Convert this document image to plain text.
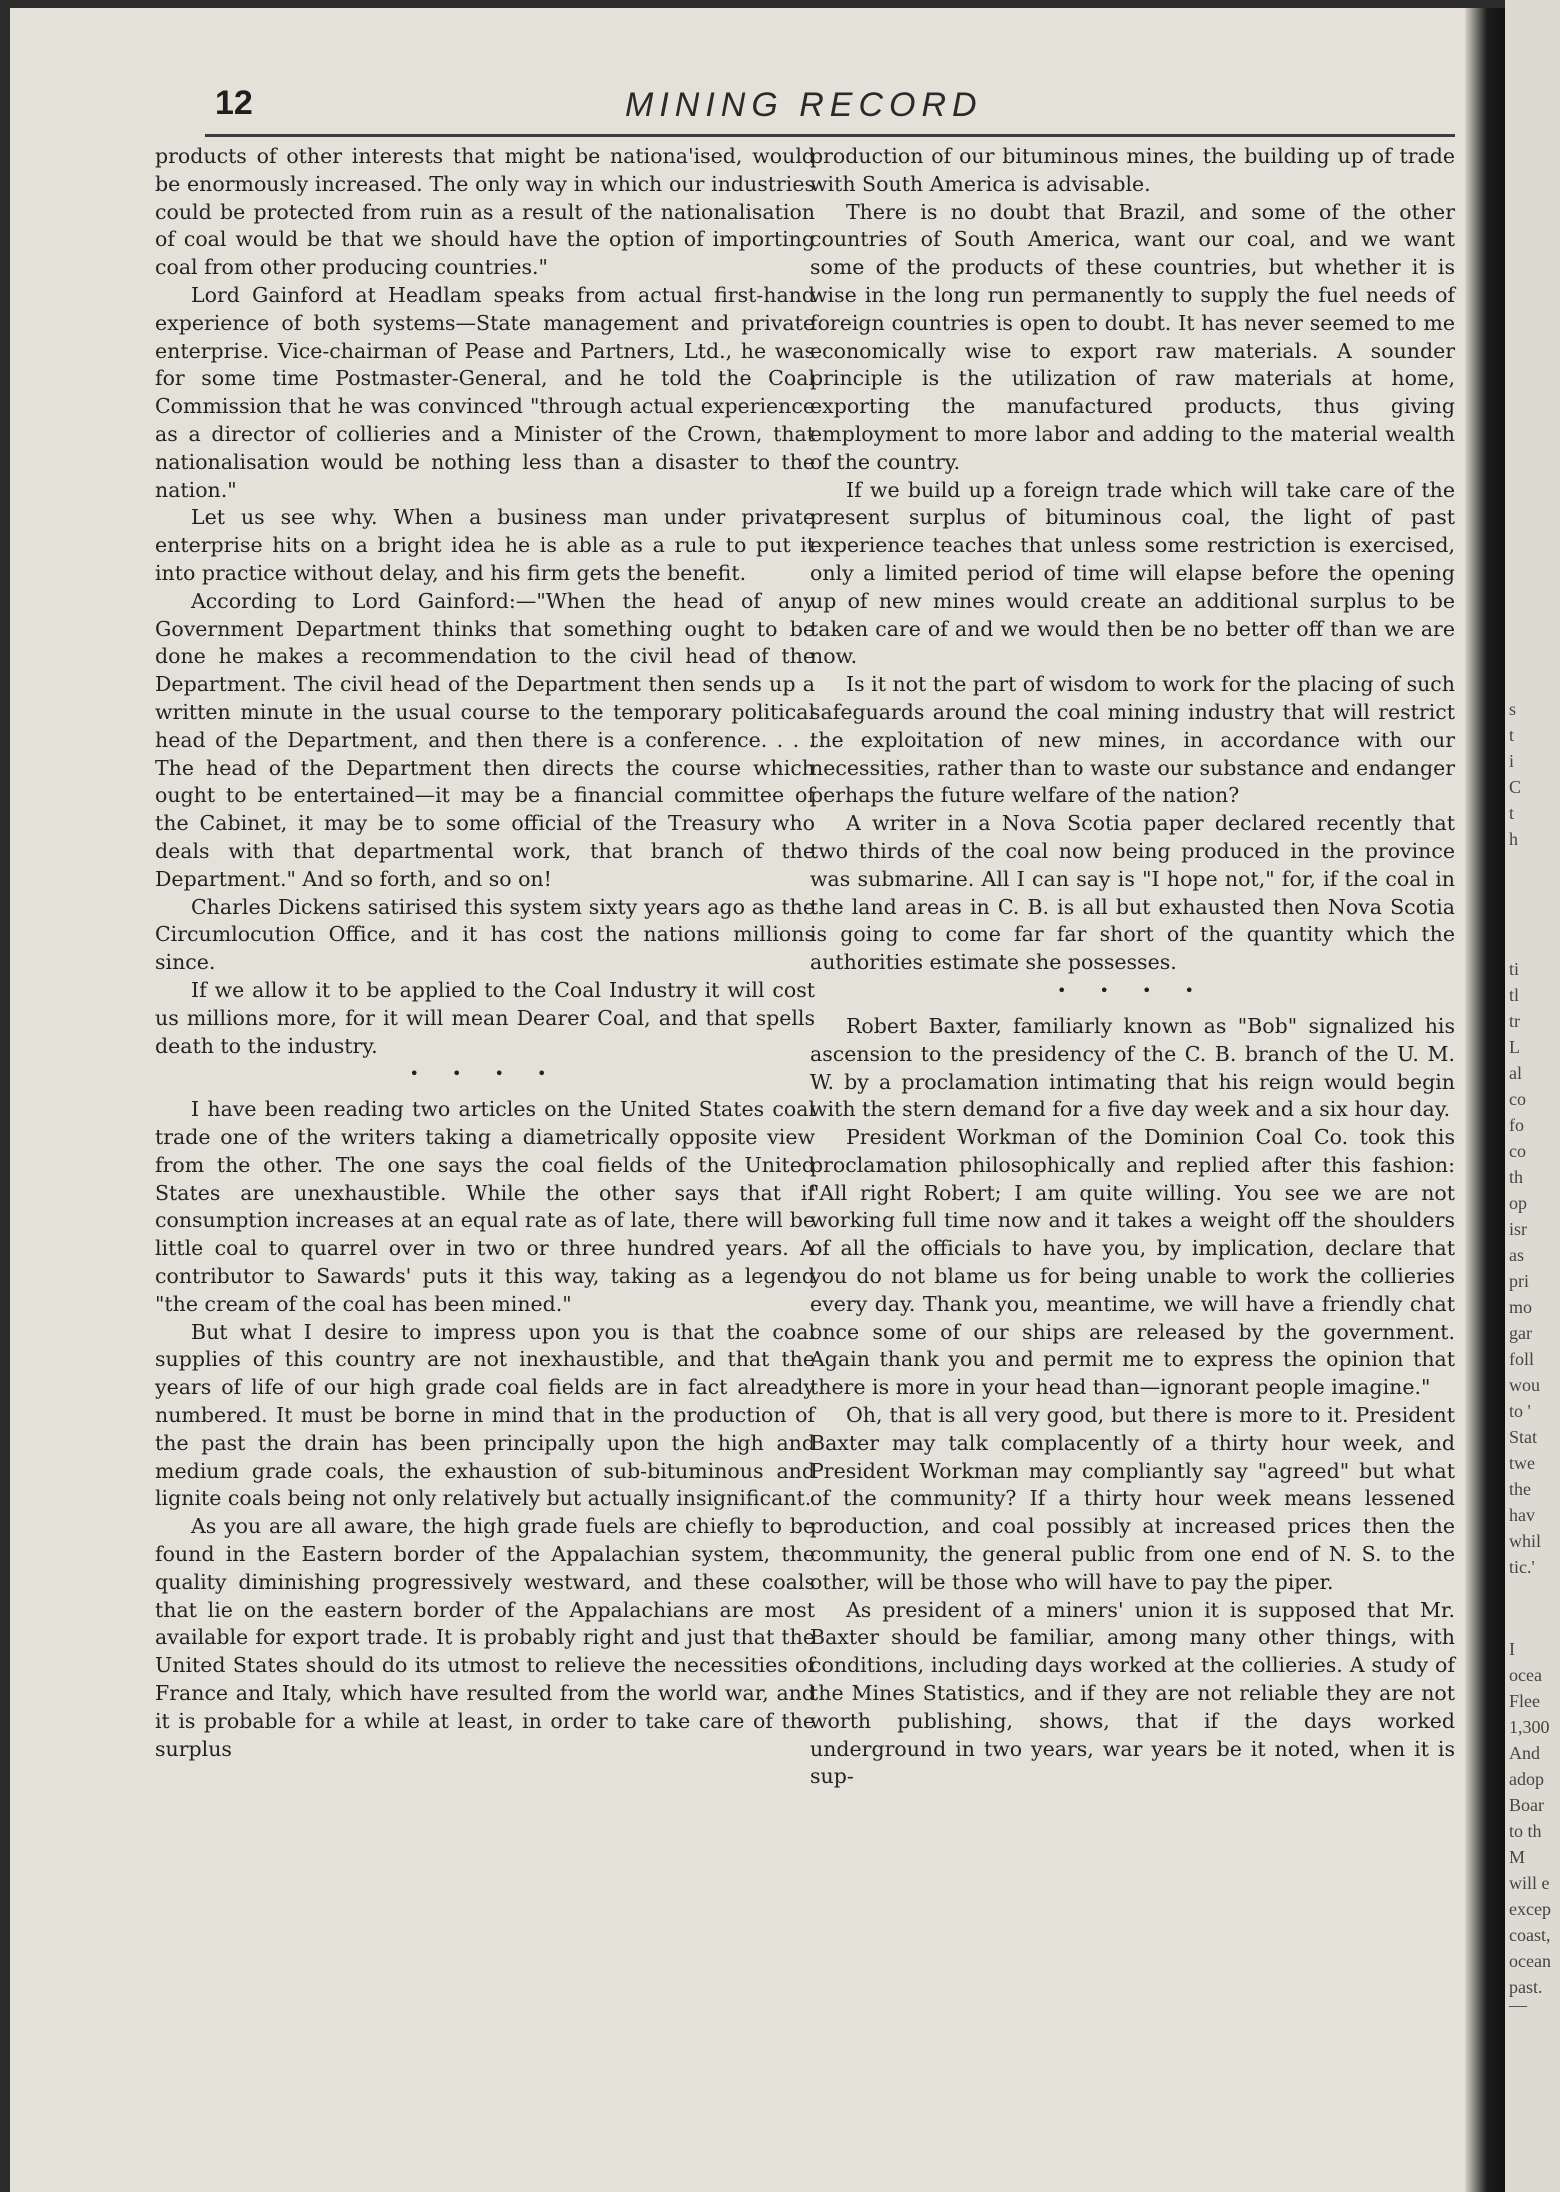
12	MINING RECORD

products of other interests that might be nationa'ised, would be enormously increased. The only way in which our industries could be protected from ruin as a result of the nationalisation of coal would be that we should have the option of importing coal from other producing countries."

Lord Gainford at Headlam speaks from actual first-hand experience of both systems—State management and private enterprise. Vice-chairman of Pease and Partners, Ltd., he was for some time Postmaster-General, and he told the Coal Commission that he was convinced "through actual experience as a director of collieries and a Minister of the Crown, that nationalisation would be nothing less than a disaster to the nation."

Let us see why. When a business man under private enterprise hits on a bright idea he is able as a rule to put it into practice without delay, and his firm gets the benefit.

According to Lord Gainford:—"When the head of any Government Department thinks that something ought to be done he makes a recommendation to the civil head of the Department. The civil head of the Department then sends up a written minute in the usual course to the temporary political head of the Department, and then there is a conference. . . . The head of the Department then directs the course which ought to be entertained—it may be a financial committee of the Cabinet, it may be to some official of the Treasury who deals with that departmental work, that branch of the Department." And so forth, and so on!

Charles Dickens satirised this system sixty years ago as the Circumlocution Office, and it has cost the nations millions since.

If we allow it to be applied to the Coal Industry it will cost us millions more, for it will mean Dearer Coal, and that spells death to the industry.

• • • •

I have been reading two articles on the United States coal trade one of the writers taking a diametrically opposite view from the other. The one says the coal fields of the United States are unexhaustible. While the other says that if consumption increases at an equal rate as of late, there will be little coal to quarrel over in two or three hundred years. A contributor to Sawards' puts it this way, taking as a legend "the cream of the coal has been mined."

But what I desire to impress upon you is that the coal supplies of this country are not inexhaustible, and that the years of life of our high grade coal fields are in fact already numbered. It must be borne in mind that in the production of the past the drain has been principally upon the high and medium grade coals, the exhaustion of sub-bituminous and lignite coals being not only relatively but actually insignificant.

As you are all aware, the high grade fuels are chiefly to be found in the Eastern border of the Appalachian system, the quality diminishing progressively westward, and these coals that lie on the eastern border of the Appalachians are most available for export trade. It is probably right and just that the United States should do its utmost to relieve the necessities of France and Italy, which have resulted from the world war, and it is probable for a while at least, in order to take care of the surplus

production of our bituminous mines, the building up of trade with South America is advisable.

There is no doubt that Brazil, and some of the other countries of South America, want our coal, and we want some of the products of these countries, but whether it is wise in the long run permanently to supply the fuel needs of foreign countries is open to doubt. It has never seemed to me economically wise to export raw materials. A sounder principle is the utilization of raw materials at home, exporting the manufactured products, thus giving employment to more labor and adding to the material wealth of the country.

If we build up a foreign trade which will take care of the present surplus of bituminous coal, the light of past experience teaches that unless some restriction is exercised, only a limited period of time will elapse before the opening up of new mines would create an additional surplus to be taken care of and we would then be no better off than we are now.

Is it not the part of wisdom to work for the placing of such safeguards around the coal mining industry that will restrict the exploitation of new mines, in accordance with our necessities, rather than to waste our substance and endanger perhaps the future welfare of the nation?

A writer in a Nova Scotia paper declared recently that two thirds of the coal now being produced in the province was submarine. All I can say is "I hope not," for, if the coal in the land areas in C. B. is all but exhausted then Nova Scotia is going to come far far short of the quantity which the authorities estimate she possesses.

• • • •

Robert Baxter, familiarly known as "Bob" signalized his ascension to the presidency of the C. B. branch of the U. M. W. by a proclamation intimating that his reign would begin with the stern demand for a five day week and a six hour day.

President Workman of the Dominion Coal Co. took this proclamation philosophically and replied after this fashion: "All right Robert; I am quite willing. You see we are not working full time now and it takes a weight off the shoulders of all the officials to have you, by implication, declare that you do not blame us for being unable to work the collieries every day. Thank you, meantime, we will have a friendly chat once some of our ships are released by the government. Again thank you and permit me to express the opinion that there is more in your head than—ignorant people imagine."

Oh, that is all very good, but there is more to it. President Baxter may talk complacently of a thirty hour week, and President Workman may compliantly say "agreed" but what of the community? If a thirty hour week means lessened production, and coal possibly at increased prices then the community, the general public from one end of N. S. to the other, will be those who will have to pay the piper.

As president of a miners' union it is supposed that Mr. Baxter should be familiar, among many other things, with conditions, including days worked at the collieries. A study of the Mines Statistics, and if they are not reliable they are not worth publishing, shows, that if the days worked underground in two years, war years be it noted, when it is sup-

s
t
i
C
t
h
ti
tl
tr
L
al
co
fo
co
th
op
isr
as
pri
mo
gar
foll
wou
to '
Stat
twe
the
hav
whil
tic.'
I
ocea
Flee
1,300
And
adop
Boar
to th
M
will e
excep
coast,
ocean
past.—
